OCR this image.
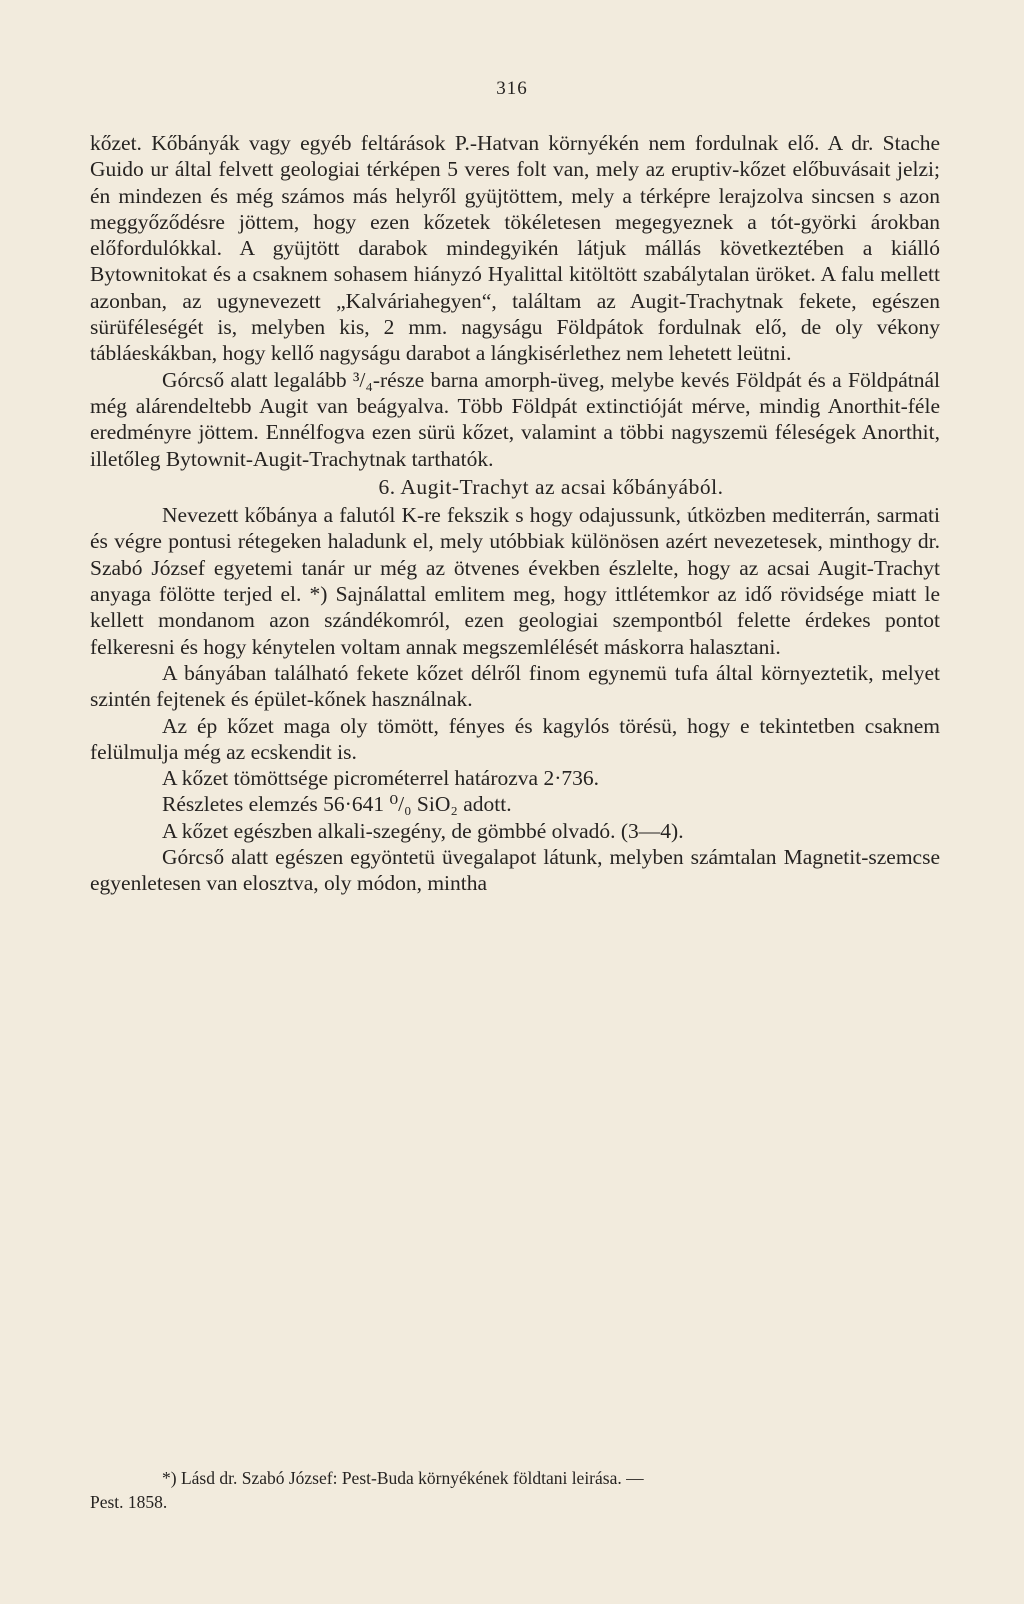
316

kőzet. Kőbányák vagy egyéb feltárások P.-Hatvan környékén nem fordulnak elő. A dr. Stache Guido ur által felvett geologiai térképen 5 veres folt van, mely az eruptiv-kőzet előbuvásait jelzi; én mindezen és még számos más helyről gyüjtöttem, mely a térképre lerajzolva sincsen s azon meggyőződésre jöttem, hogy ezen kőzetek tökéletesen megegyeznek a tót-györki árokban előfordulókkal. A gyüjtött darabok mindegyikén látjuk mállás következtében a kiálló Bytownitokat és a csaknem sohasem hiányzó Hyalittal kitöltött szabálytalan üröket. A falu mellett azonban, az ugynevezett „Kalváriahegyen“, találtam az Augit-Trachytnak fekete, egészen sürüféleségét is, melyben kis, 2 mm. nagyságu Földpátok fordulnak elő, de oly vékony tábláeskákban, hogy kellő nagyságu darabot a lángkisérlethez nem lehetett leütni.

Górcső alatt legalább ³/₄-része barna amorph-üveg, melybe kevés Földpát és a Földpátnál még alárendeltebb Augit van beágyalva. Több Földpát extinctióját mérve, mindig Anorthit-féle eredményre jöttem. Ennélfogva ezen sürü kőzet, valamint a többi nagyszemü féleségek Anorthit, illetőleg Bytownit-Augit-Trachytnak tarthatók.

6. Augit-Trachyt az acsai kőbányából.

Nevezett kőbánya a falutól K-re fekszik s hogy odajussunk, útközben mediterrán, sarmati és végre pontusi rétegeken haladunk el, mely utóbbiak különösen azért nevezetesek, minthogy dr. Szabó József egyetemi tanár ur még az ötvenes években észlelte, hogy az acsai Augit-Trachyt anyaga fölötte terjed el. *) Sajnálattal emlitem meg, hogy ittlétemkor az idő rövidsége miatt le kellett mondanom azon szándékomról, ezen geologiai szempontból felette érdekes pontot felkeresni és hogy kénytelen voltam annak megszemlélését máskorra halasztani.

A bányában található fekete kőzet délről finom egynemü tufa által környeztetik, melyet szintén fejtenek és épület-kőnek használnak.

Az ép kőzet maga oly tömött, fényes és kagylós törésü, hogy e tekintetben csaknem felülmulja még az ecskendit is.

A kőzet tömöttsége picrométerrel határozva 2·736.

Részletes elemzés 56·641 ⁰/₀ SiO₂ adott.

A kőzet egészben alkali-szegény, de gömbbé olvadó. (3—4).

Górcső alatt egészen egyöntetü üvegalapot látunk, melyben számtalan Magnetit-szemcse egyenletesen van elosztva, oly módon, mintha

*) Lásd dr. Szabó József: Pest-Buda környékének földtani leirása. —

Pest. 1858.
